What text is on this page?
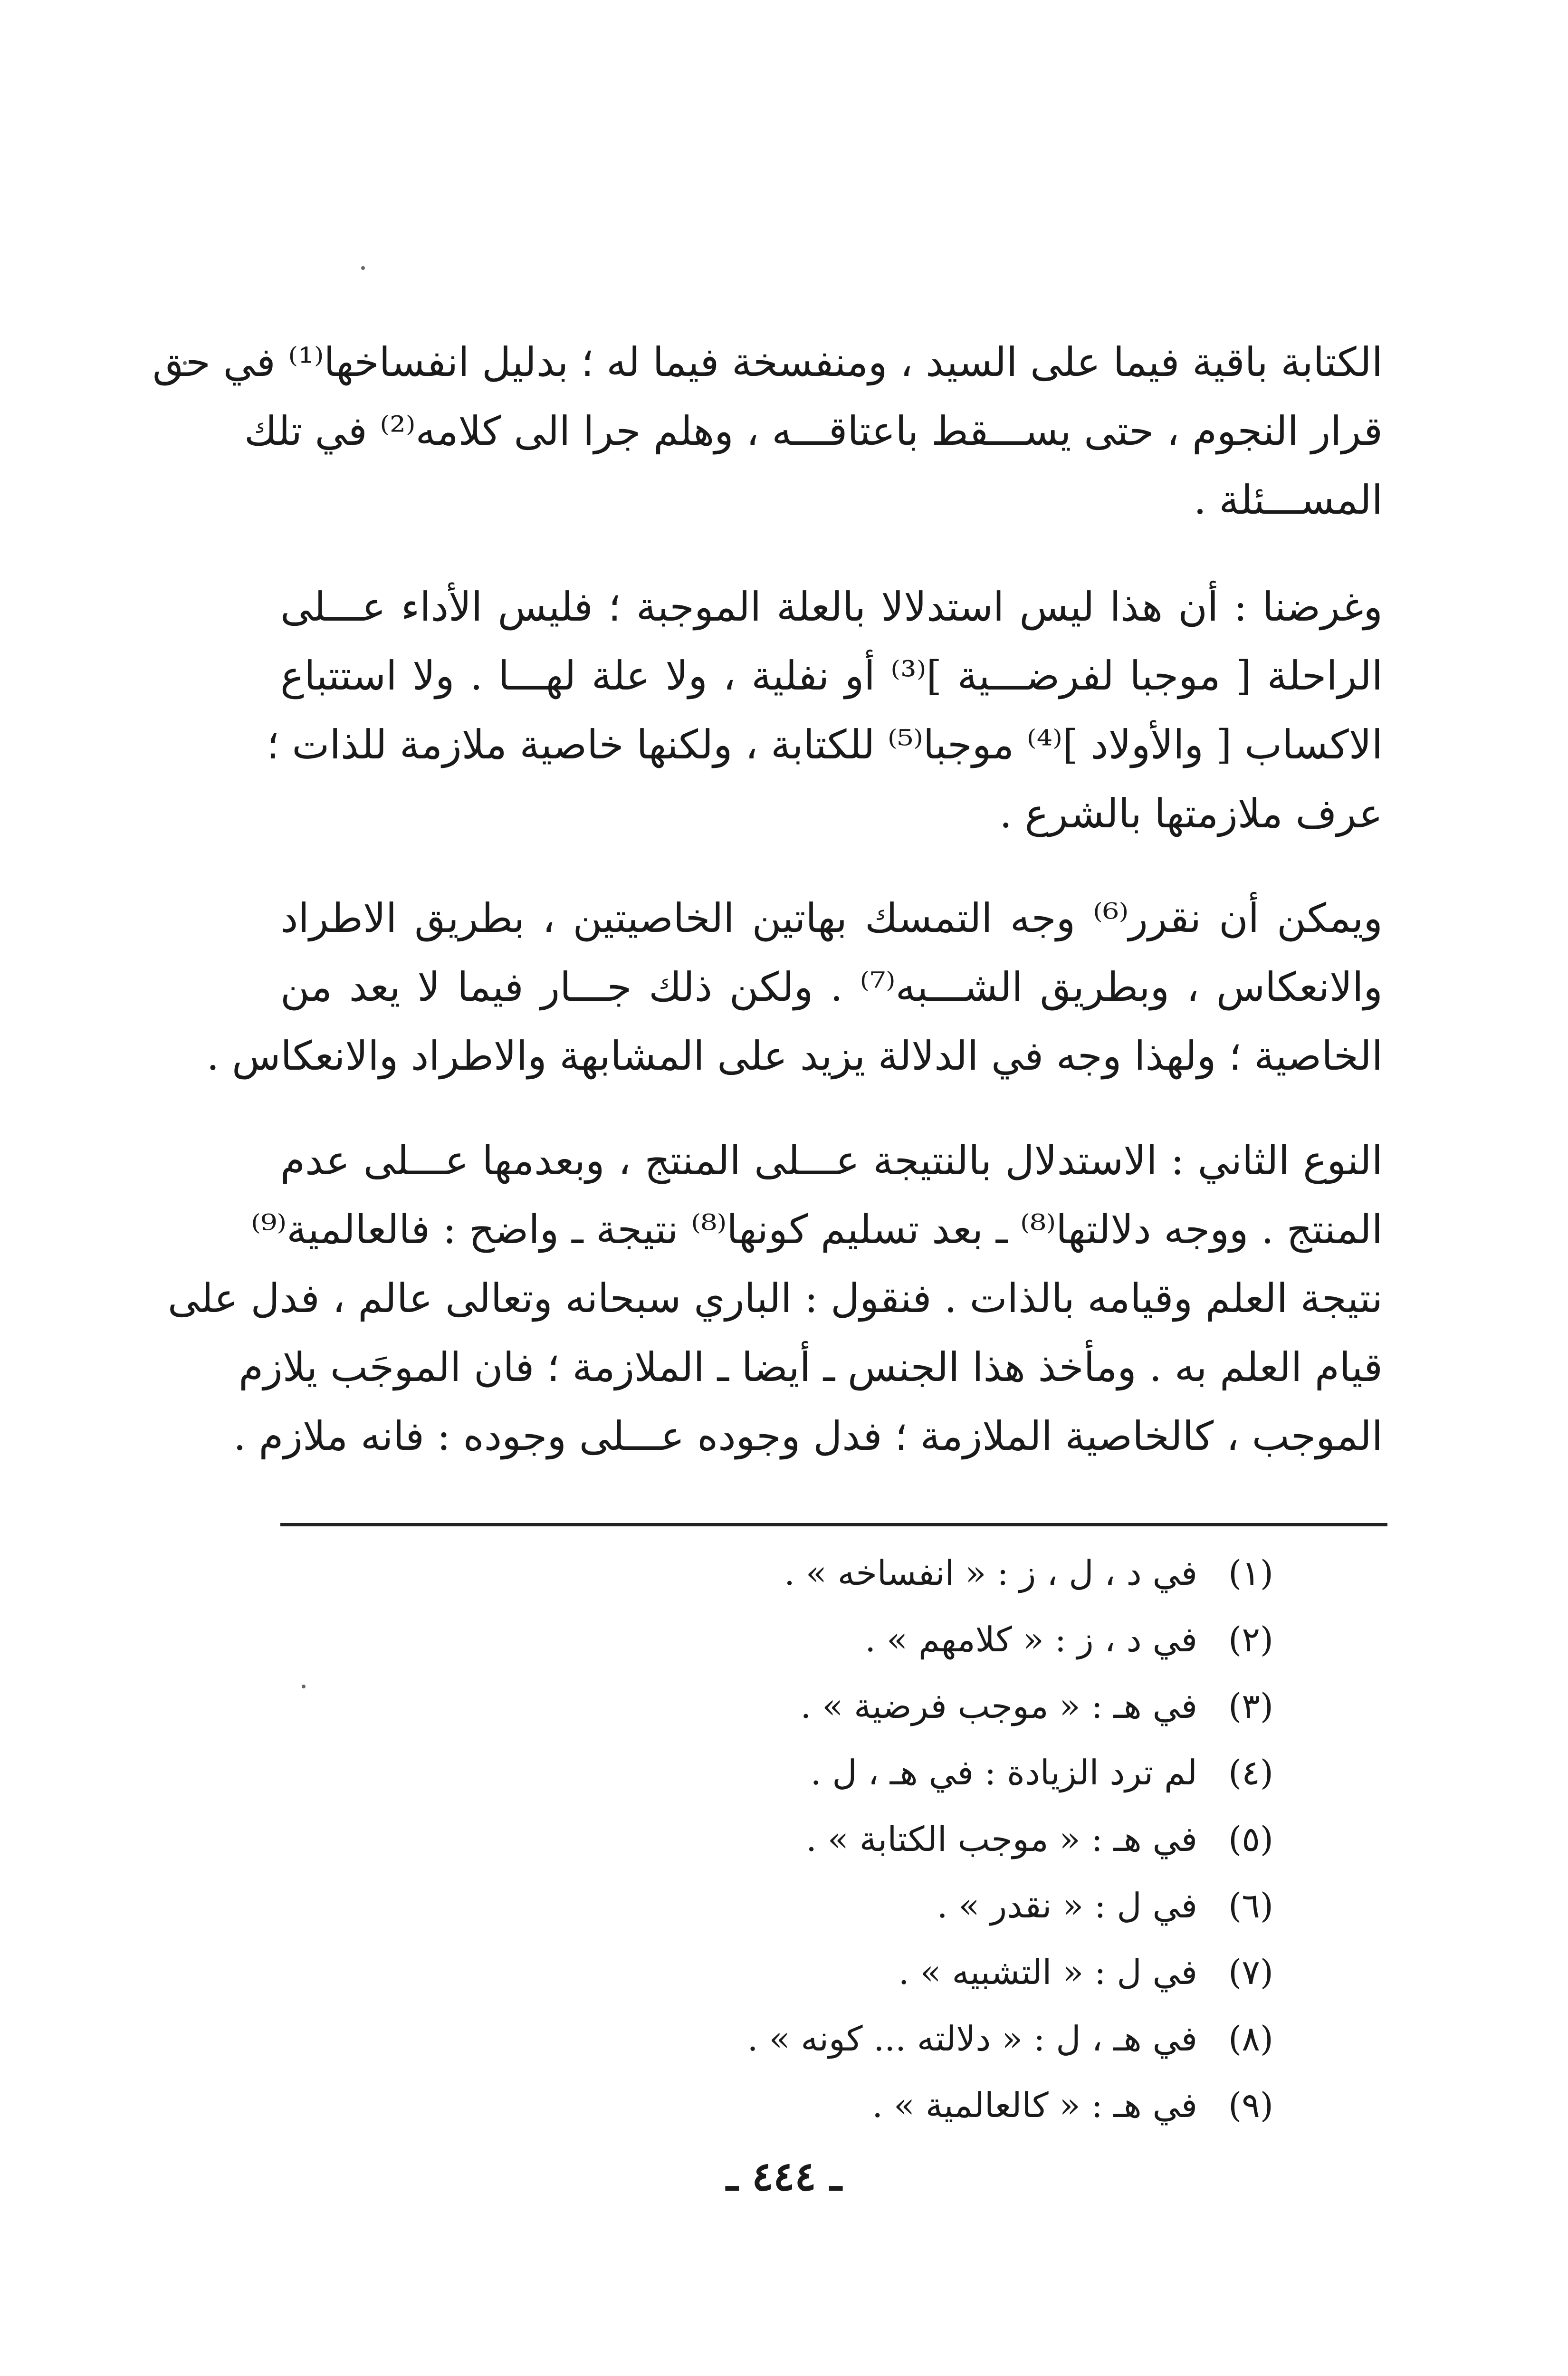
الكتابة باقية فيما على السيد ، ومنفسخة فيما له ؛ بدليل انفساخها⁽¹⁾ في حق
قرار النجوم ، حتى يســـقط باعتاقـــه ، وهلم جرا الى كلامه⁽²⁾ في تلك
المســـئلة .
وغرضنا : أن هذا ليس استدلالا بالعلة الموجبة ؛ فليس الأداء عـــلى
الراحلة [ موجبا لفرضـــية ]⁽³⁾ أو نفلية ، ولا علة لهـــا . ولا استتباع
الاكساب [ والأولاد ]⁽⁴⁾ موجبا⁽⁵⁾ للكتابة ، ولكنها خاصية ملازمة للذات ؛
عرف ملازمتها بالشرع .
ويمكن أن نقرر⁽⁶⁾ وجه التمسك بهاتين الخاصيتين ، بطريق الاطراد
والانعكاس ، وبطريق الشـــبه⁽⁷⁾ . ولكن ذلك جـــار فيما لا يعد من
الخاصية ؛ ولهذا وجه في الدلالة يزيد على المشابهة والاطراد والانعكاس .
النوع الثاني : الاستدلال بالنتيجة عـــلى المنتج ، وبعدمها عـــلى عدم
المنتج . ووجه دلالتها⁽⁸⁾ ـ بعد تسليم كونها⁽⁸⁾ نتيجة ـ واضح : فالعالمية⁽⁹⁾
نتيجة العلم وقيامه بالذات . فنقول : الباري سبحانه وتعالى عالم ، فدل على
قيام العلم به . ومأخذ هذا الجنس ـ أيضا ـ الملازمة ؛ فان الموجَب يلازم
الموجب ، كالخاصية الملازمة ؛ فدل وجوده عـــلى وجوده : فانه ملازم .
(١)
في د ، ل ، ز : « انفساخه » .
(٢)
في د ، ز : « كلامهم » .
(٣)
في هـ : « موجب فرضية » .
(٤)
لم ترد الزيادة : في هـ ، ل .
(٥)
في هـ : « موجب الكتابة » .
(٦)
في ل : « نقدر » .
(٧)
في ل : « التشبيه » .
(٨)
في هـ ، ل : « دلالته ... كونه » .
(٩)
في هـ : « كالعالمية » .
ـ ٤٤٤ ـ
